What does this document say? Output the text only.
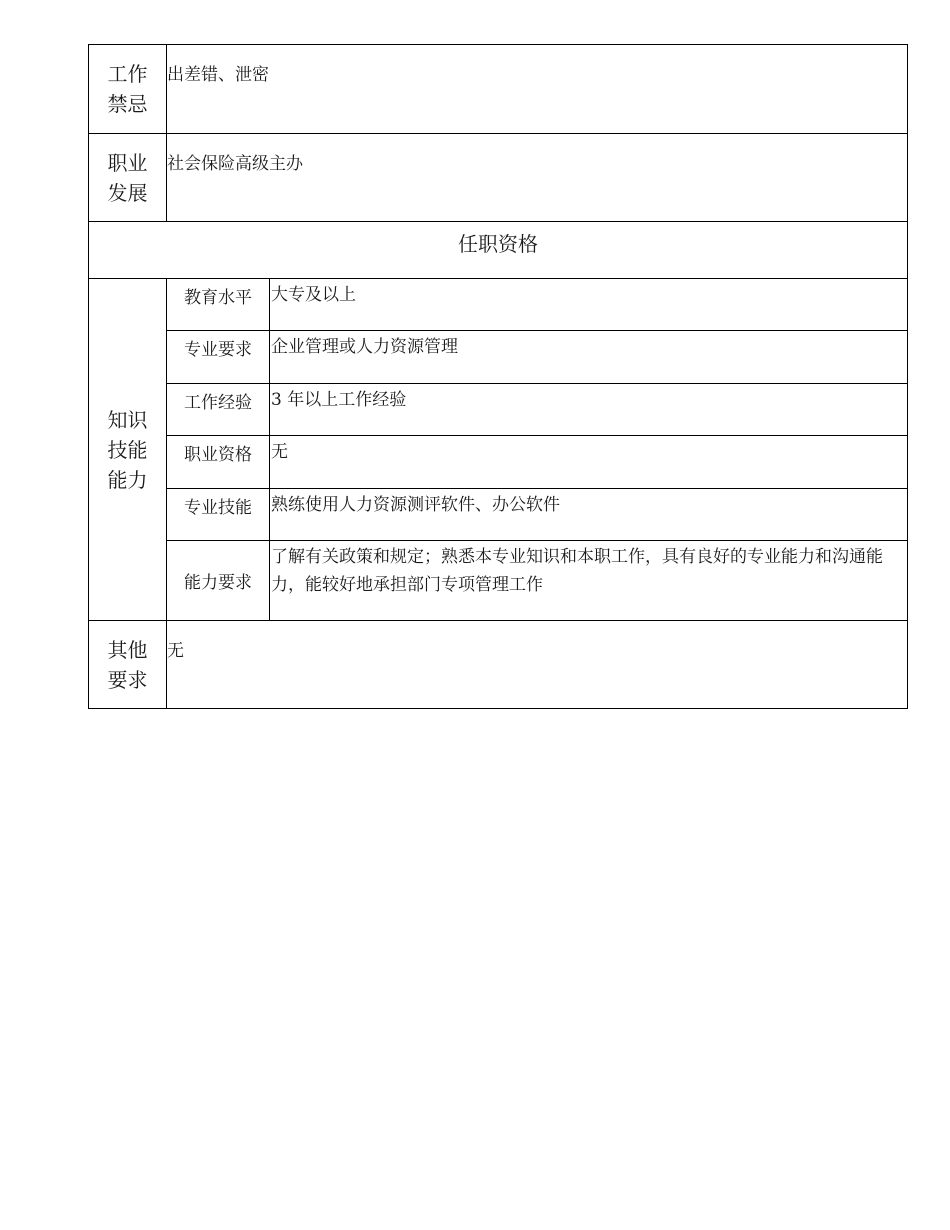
工作禁忌	出差错、泄密	

职业发展	社会保险高级主办	

任职资格		
知识技能能力	教育水平	大专及以上
	专业要求	企业管理或人力资源管理
	工作经验	3 年以上工作经验
	职业资格	无
	专业技能	熟练使用人力资源测评软件、办公软件
	能力要求	了解有关政策和规定；熟悉本专业知识和本职工作，具有良好的专业能力和沟通能力，能较好地承担部门专项管理工作
其他要求	无	
